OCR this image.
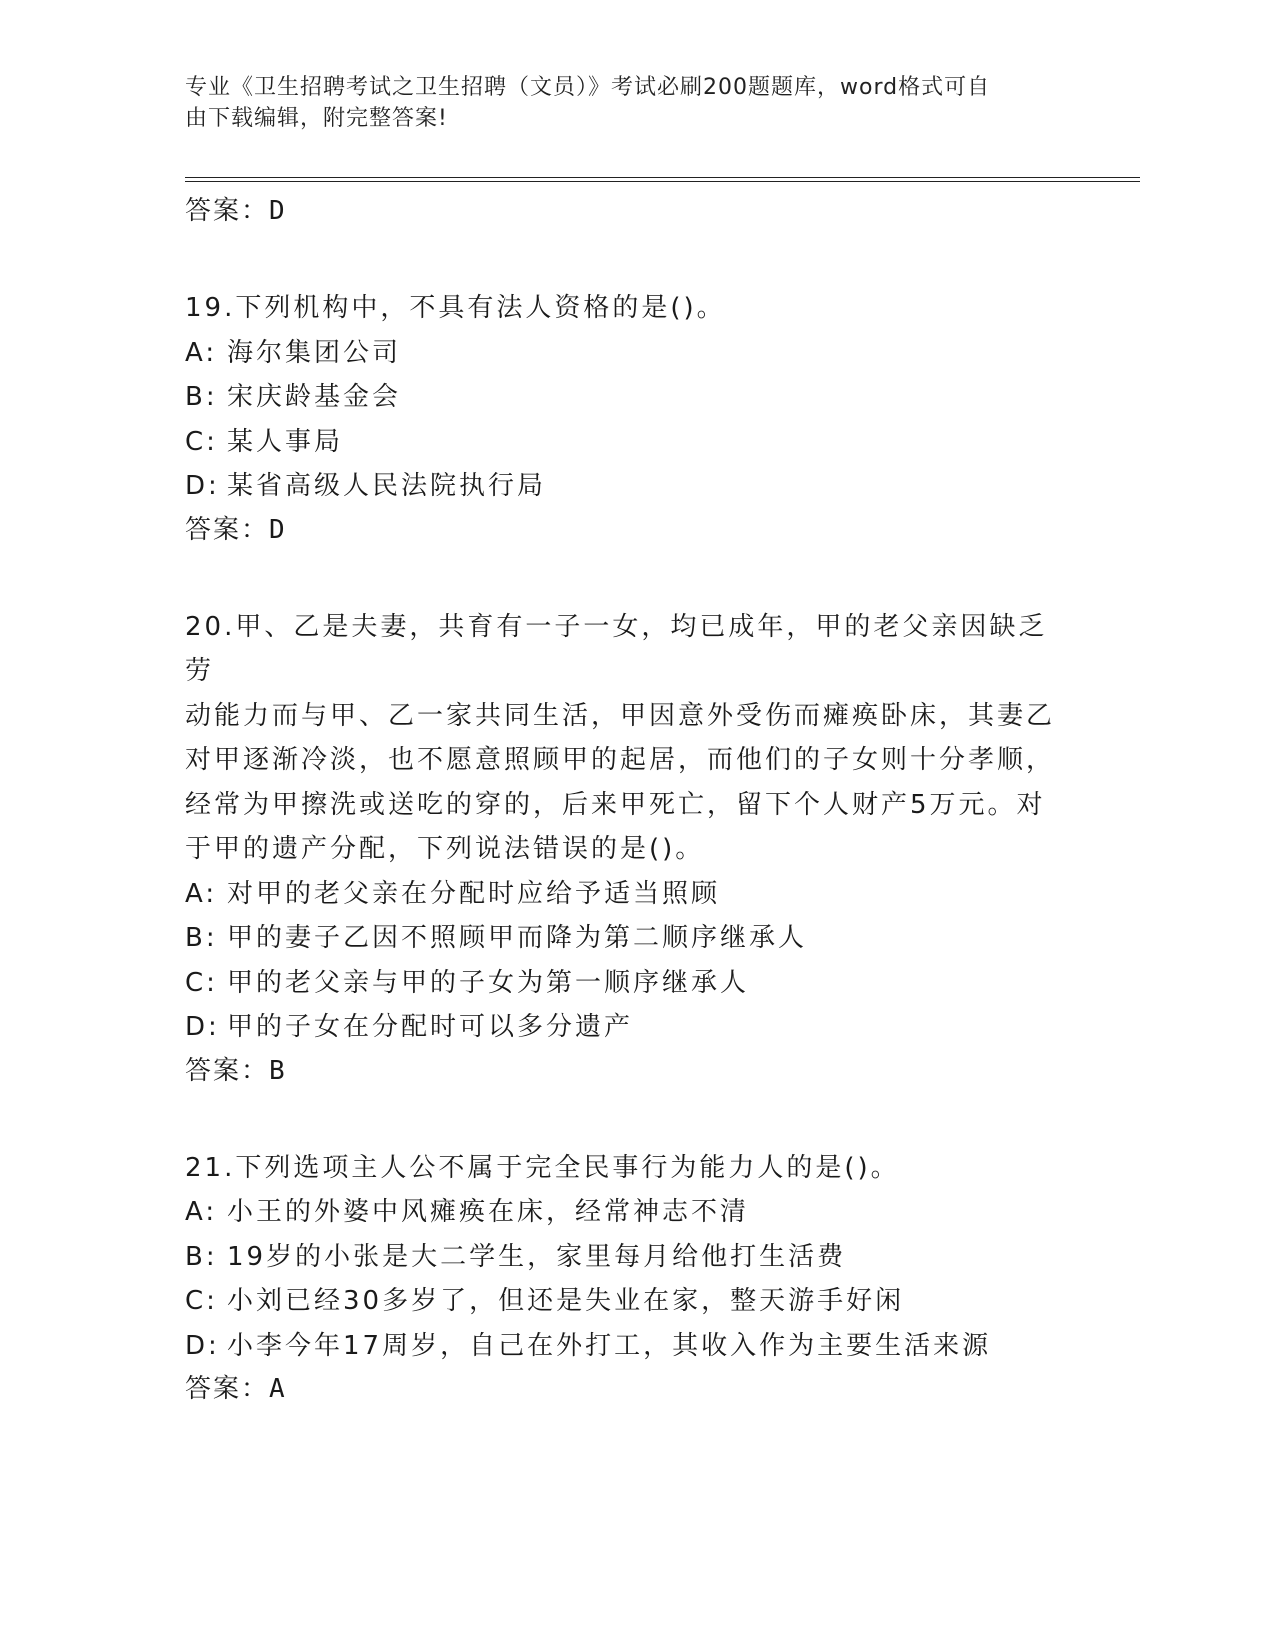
专业《卫生招聘考试之卫生招聘（文员）》考试必刷200题题库，word格式可自
由下载编辑，附完整答案!
答案：D
19.下列机构中，不具有法人资格的是()。
A: 海尔集团公司
B: 宋庆龄基金会
C: 某人事局
D: 某省高级人民法院执行局
答案：D
20.甲、乙是夫妻，共育有一子一女，均已成年，甲的老父亲因缺乏劳
动能力而与甲、乙一家共同生活，甲因意外受伤而瘫痪卧床，其妻乙
对甲逐渐冷淡，也不愿意照顾甲的起居，而他们的子女则十分孝顺，
经常为甲擦洗或送吃的穿的，后来甲死亡，留下个人财产5万元。对
于甲的遗产分配，下列说法错误的是()。
A: 对甲的老父亲在分配时应给予适当照顾
B: 甲的妻子乙因不照顾甲而降为第二顺序继承人
C: 甲的老父亲与甲的子女为第一顺序继承人
D: 甲的子女在分配时可以多分遗产
答案：B
21.下列选项主人公不属于完全民事行为能力人的是()。
A: 小王的外婆中风瘫痪在床，经常神志不清
B: 19岁的小张是大二学生，家里每月给他打生活费
C: 小刘已经30多岁了，但还是失业在家，整天游手好闲
D: 小李今年17周岁，自己在外打工，其收入作为主要生活来源
答案：A
